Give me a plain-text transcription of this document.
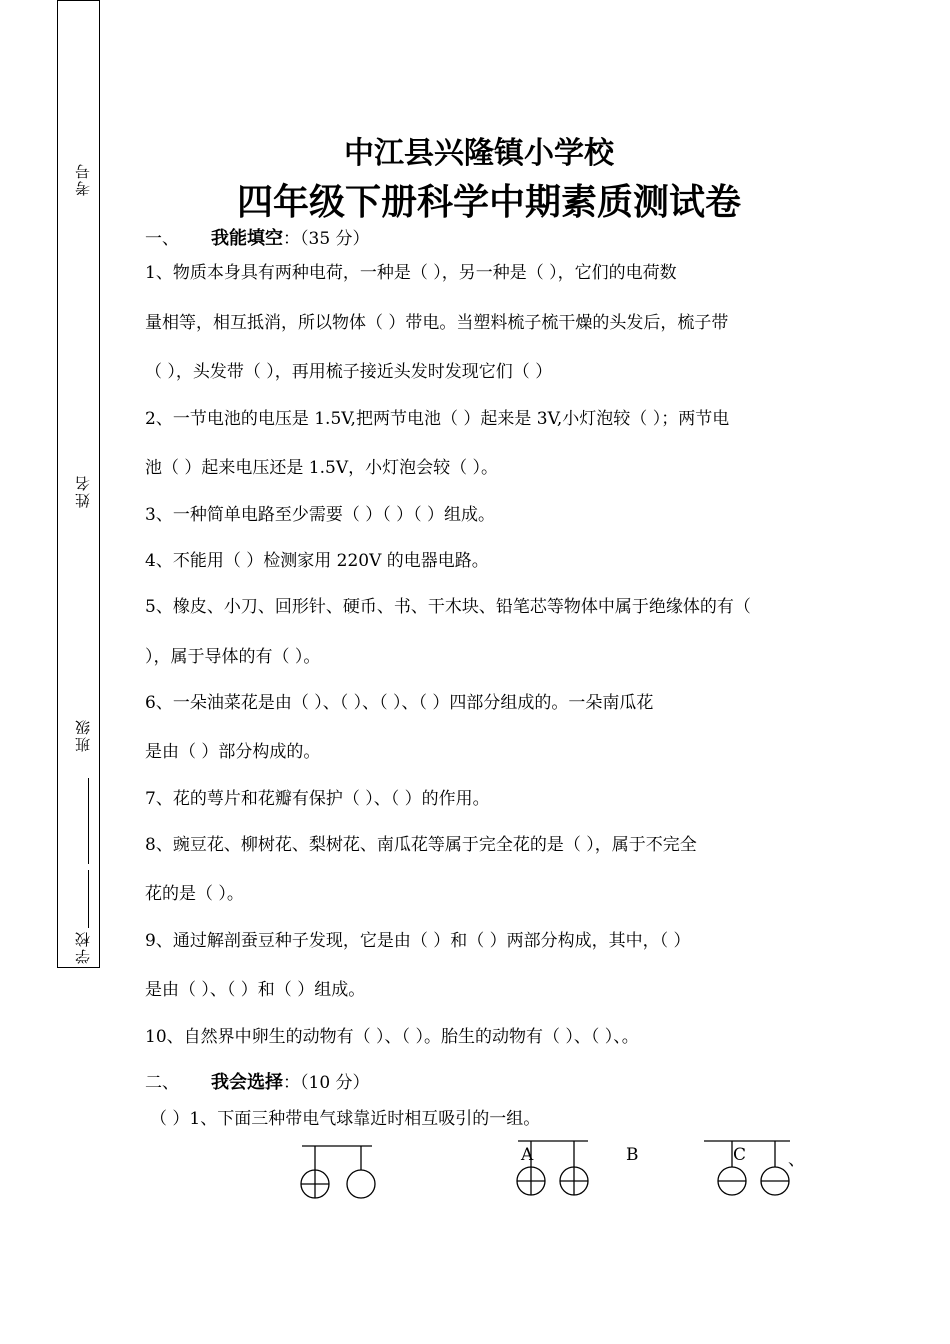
考号
姓名
班级
学校
中江县兴隆镇小学校
四年级下册科学中期素质测试卷
一、 我能填空：（35 分）
1、物质本身具有两种电荷，一种是（ ），另一种是（ ），它们的电荷数
量相等，相互抵消，所以物体（ ）带电。当塑料梳子梳干燥的头发后，梳子带
（ ），头发带（ ），再用梳子接近头发时发现它们（ ）
2、一节电池的电压是 1.5V,把两节电池（ ）起来是 3V,小灯泡较（ ）；两节电
池（ ）起来电压还是 1.5V，小灯泡会较（ ）。
3、一种简单电路至少需要（ ）（ ）（ ）组成。
4、不能用（ ）检测家用 220V 的电器电路。
5、橡皮、小刀、回形针、硬币、书、干木块、铅笔芯等物体中属于绝缘体的有（
），属于导体的有（ ）。
6、一朵油菜花是由（ ）、（ ）、（ ）、（ ）四部分组成的。一朵南瓜花
是由（ ）部分构成的。
7、花的萼片和花瓣有保护（ ）、（ ）的作用。
8、豌豆花、柳树花、梨树花、南瓜花等属于完全花的是（ ），属于不完全
花的是（ ）。
9、通过解剖蚕豆种子发现，它是由（ ）和（ ）两部分构成，其中，（ ）
是由（ ）、（ ）和（ ）组成。
10、自然界中卵生的动物有（ ）、（ ）。胎生的动物有（ ）、（ ）、。
二、 我会选择：（10 分）
（ ）1、下面三种带电气球靠近时相互吸引的一组。
A	B	C 、
